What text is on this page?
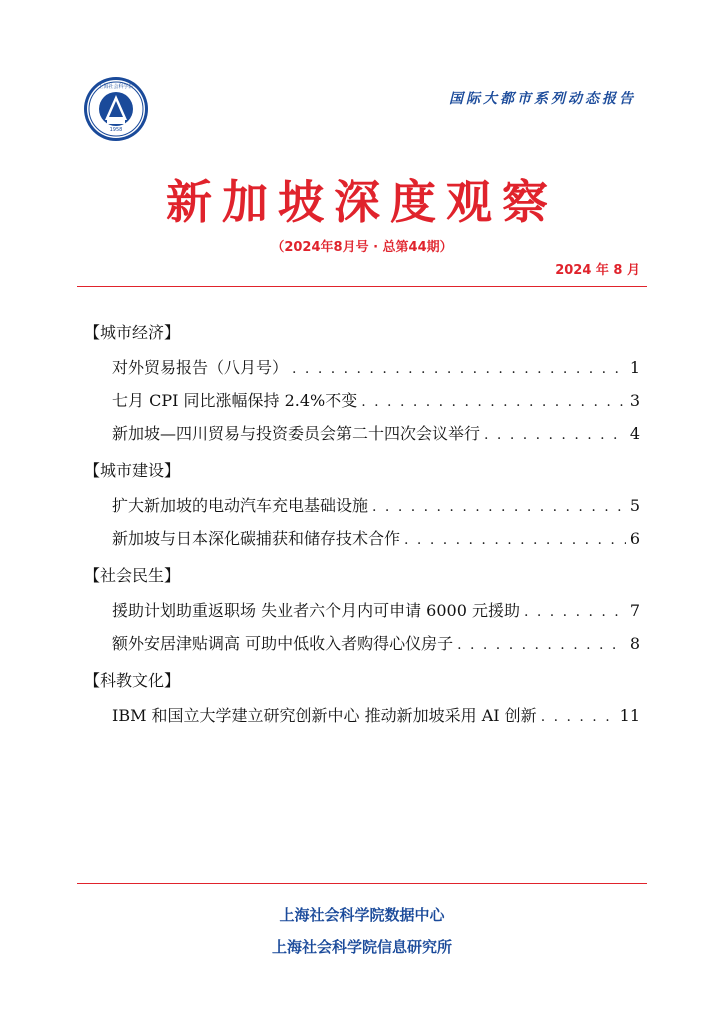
1958
上海社会科学院
国际大都市系列动态报告
新加坡深度观察
（2024年8月号 · 总第44期）
2024 年 8 月
【城市经济】
对外贸易报告（八月号） . . .	1
七月 CPI 同比涨幅保持 2.4%不变 . . .	3
新加坡—四川贸易与投资委员会第二十四次会议举行 . . .	4
【城市建设】
扩大新加坡的电动汽车充电基础设施 . . .	5
新加坡与日本深化碳捕获和储存技术合作 . . .	6
【社会民生】
援助计划助重返职场 失业者六个月内可申请 6000 元援助 . . .	7
额外安居津贴调高 可助中低收入者购得心仪房子 . . .	8
【科教文化】
IBM 和国立大学建立研究创新中心 推动新加坡采用 AI 创新 . . .	11
上海社会科学院数据中心
上海社会科学院信息研究所
